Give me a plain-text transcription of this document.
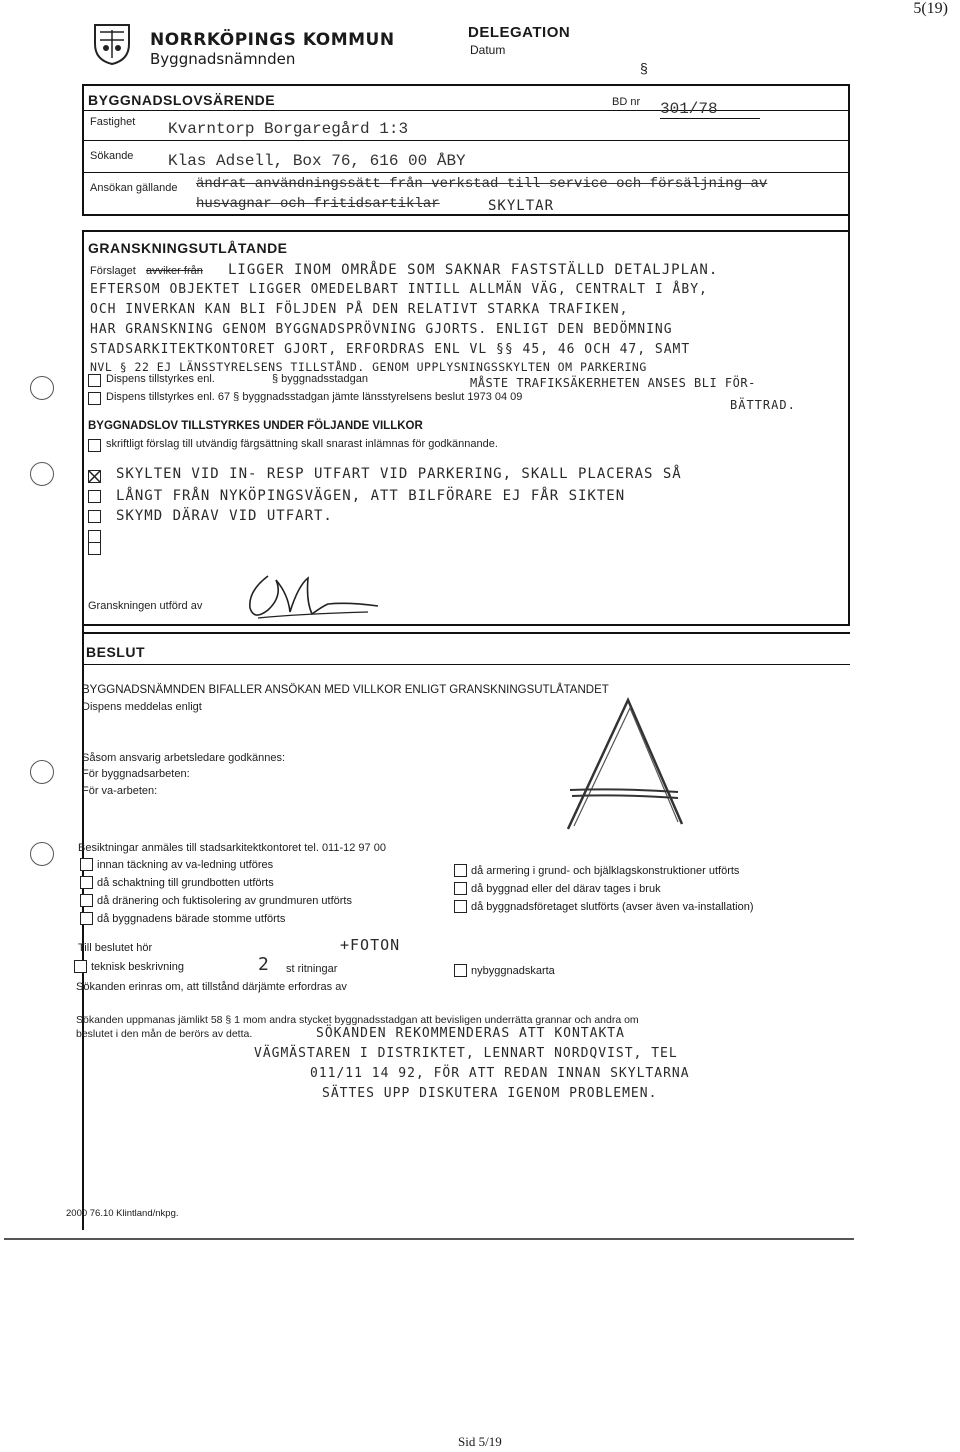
5(19)
NORRKÖPINGS KOMMUN
Byggnadsnämnden
DELEGATION
Datum
§
BYGGNADSLOVSÄRENDE	BD nr 301/78
Fastighet Kvarntorp Borgaregård 1:3
Sökande Klas Adsell, Box 76, 616 00 ÅBY
Ansökan gällande ändrat användningssätt från verkstad till service och försäljning av
husvagnar och fritidsartiklar	SKYLTAR
GRANSKNINGSUTLÅTANDE
Förslaget avviker från LIGGER INOM OMRÅDE SOM SAKNAR FASTSTÄLLD DETALJPLAN.
EFTERSOM OBJEKTET LIGGER OMEDELBART INTILL ALLMÄN VÄG, CENTRALT I ÅBY,
OCH INVERKAN KAN BLI FÖLJDEN PÅ DEN RELATIVT STARKA TRAFIKEN,
HAR GRANSKNING GENOM BYGGNADSPRÖVNING GJORTS. ENLIGT DEN BEDÖMNING
STADSARKITEKTKONTORET GJORT, ERFORDRAS ENL VL §§ 45, 46 OCH 47, SAMT
NVL § 22 EJ LÄNSSTYRELSENS TILLSTÅND. GENOM UPPLYSNINGSSKYLTEN OM PARKERING
MÅSTE TRAFIKSÄKERHETEN ANSES BLI FÖR-
BÄTTRAD.
Dispens tillstyrkes enl.	§ byggnadsstadgan
Dispens tillstyrkes enl. 67 § byggnadsstadgan jämte länsstyrelsens beslut 1973 04 09
BYGGNADSLOV TILLSTYRKES UNDER FÖLJANDE VILLKOR
skriftligt förslag till utvändig färgsättning skall snarast inlämnas för godkännande.
SKYLTEN VID IN- RESP UTFART VID PARKERING, SKALL PLACERAS SÅ
LÅNGT FRÅN NYKÖPINGSVÄGEN, ATT BILFÖRARE EJ FÅR SIKTEN
SKYMD DÄRAV VID UTFART.
Granskningen utförd av
BESLUT
BYGGNADSNÄMNDEN BIFALLER ANSÖKAN MED VILLKOR ENLIGT GRANSKNINGSUTLÅTANDET
Dispens meddelas enligt
Såsom ansvarig arbetsledare godkännes:
För byggnadsarbeten:
För va-arbeten:
Besiktningar anmäles till stadsarkitektkontoret tel. 011-12 97 00
innan täckning av va-ledning utföres
då schaktning till grundbotten utförts
då dränering och fuktisolering av grundmuren utförts
då byggnadens bärade stomme utförts
då armering i grund- och bjälklagskonstruktioner utförts
då byggnad eller del därav tages i bruk
då byggnadsföretaget slutförts (avser även va-installation)
Till beslutet hör	+FOTON
teknisk beskrivning	2 st ritningar	nybyggnadskarta
Sökanden erinras om, att tillstånd därjämte erfordras av
Sökanden uppmanas jämlikt 58 § 1 mom andra stycket byggnadsstadgan att bevisligen underrätta grannar och andra om
beslutet i den mån de berörs av detta.	SÖKANDEN REKOMMENDERAS ATT KONTAKTA
VÄGMÄSTAREN I DISTRIKTET, LENNART NORDQVIST, TEL
011/11 14 92, FÖR ATT REDAN INNAN SKYLTARNA
SÄTTES UPP DISKUTERA IGENOM PROBLEMEN.
2000 76.10 Klintland/nkpg.
Sid 5/19
